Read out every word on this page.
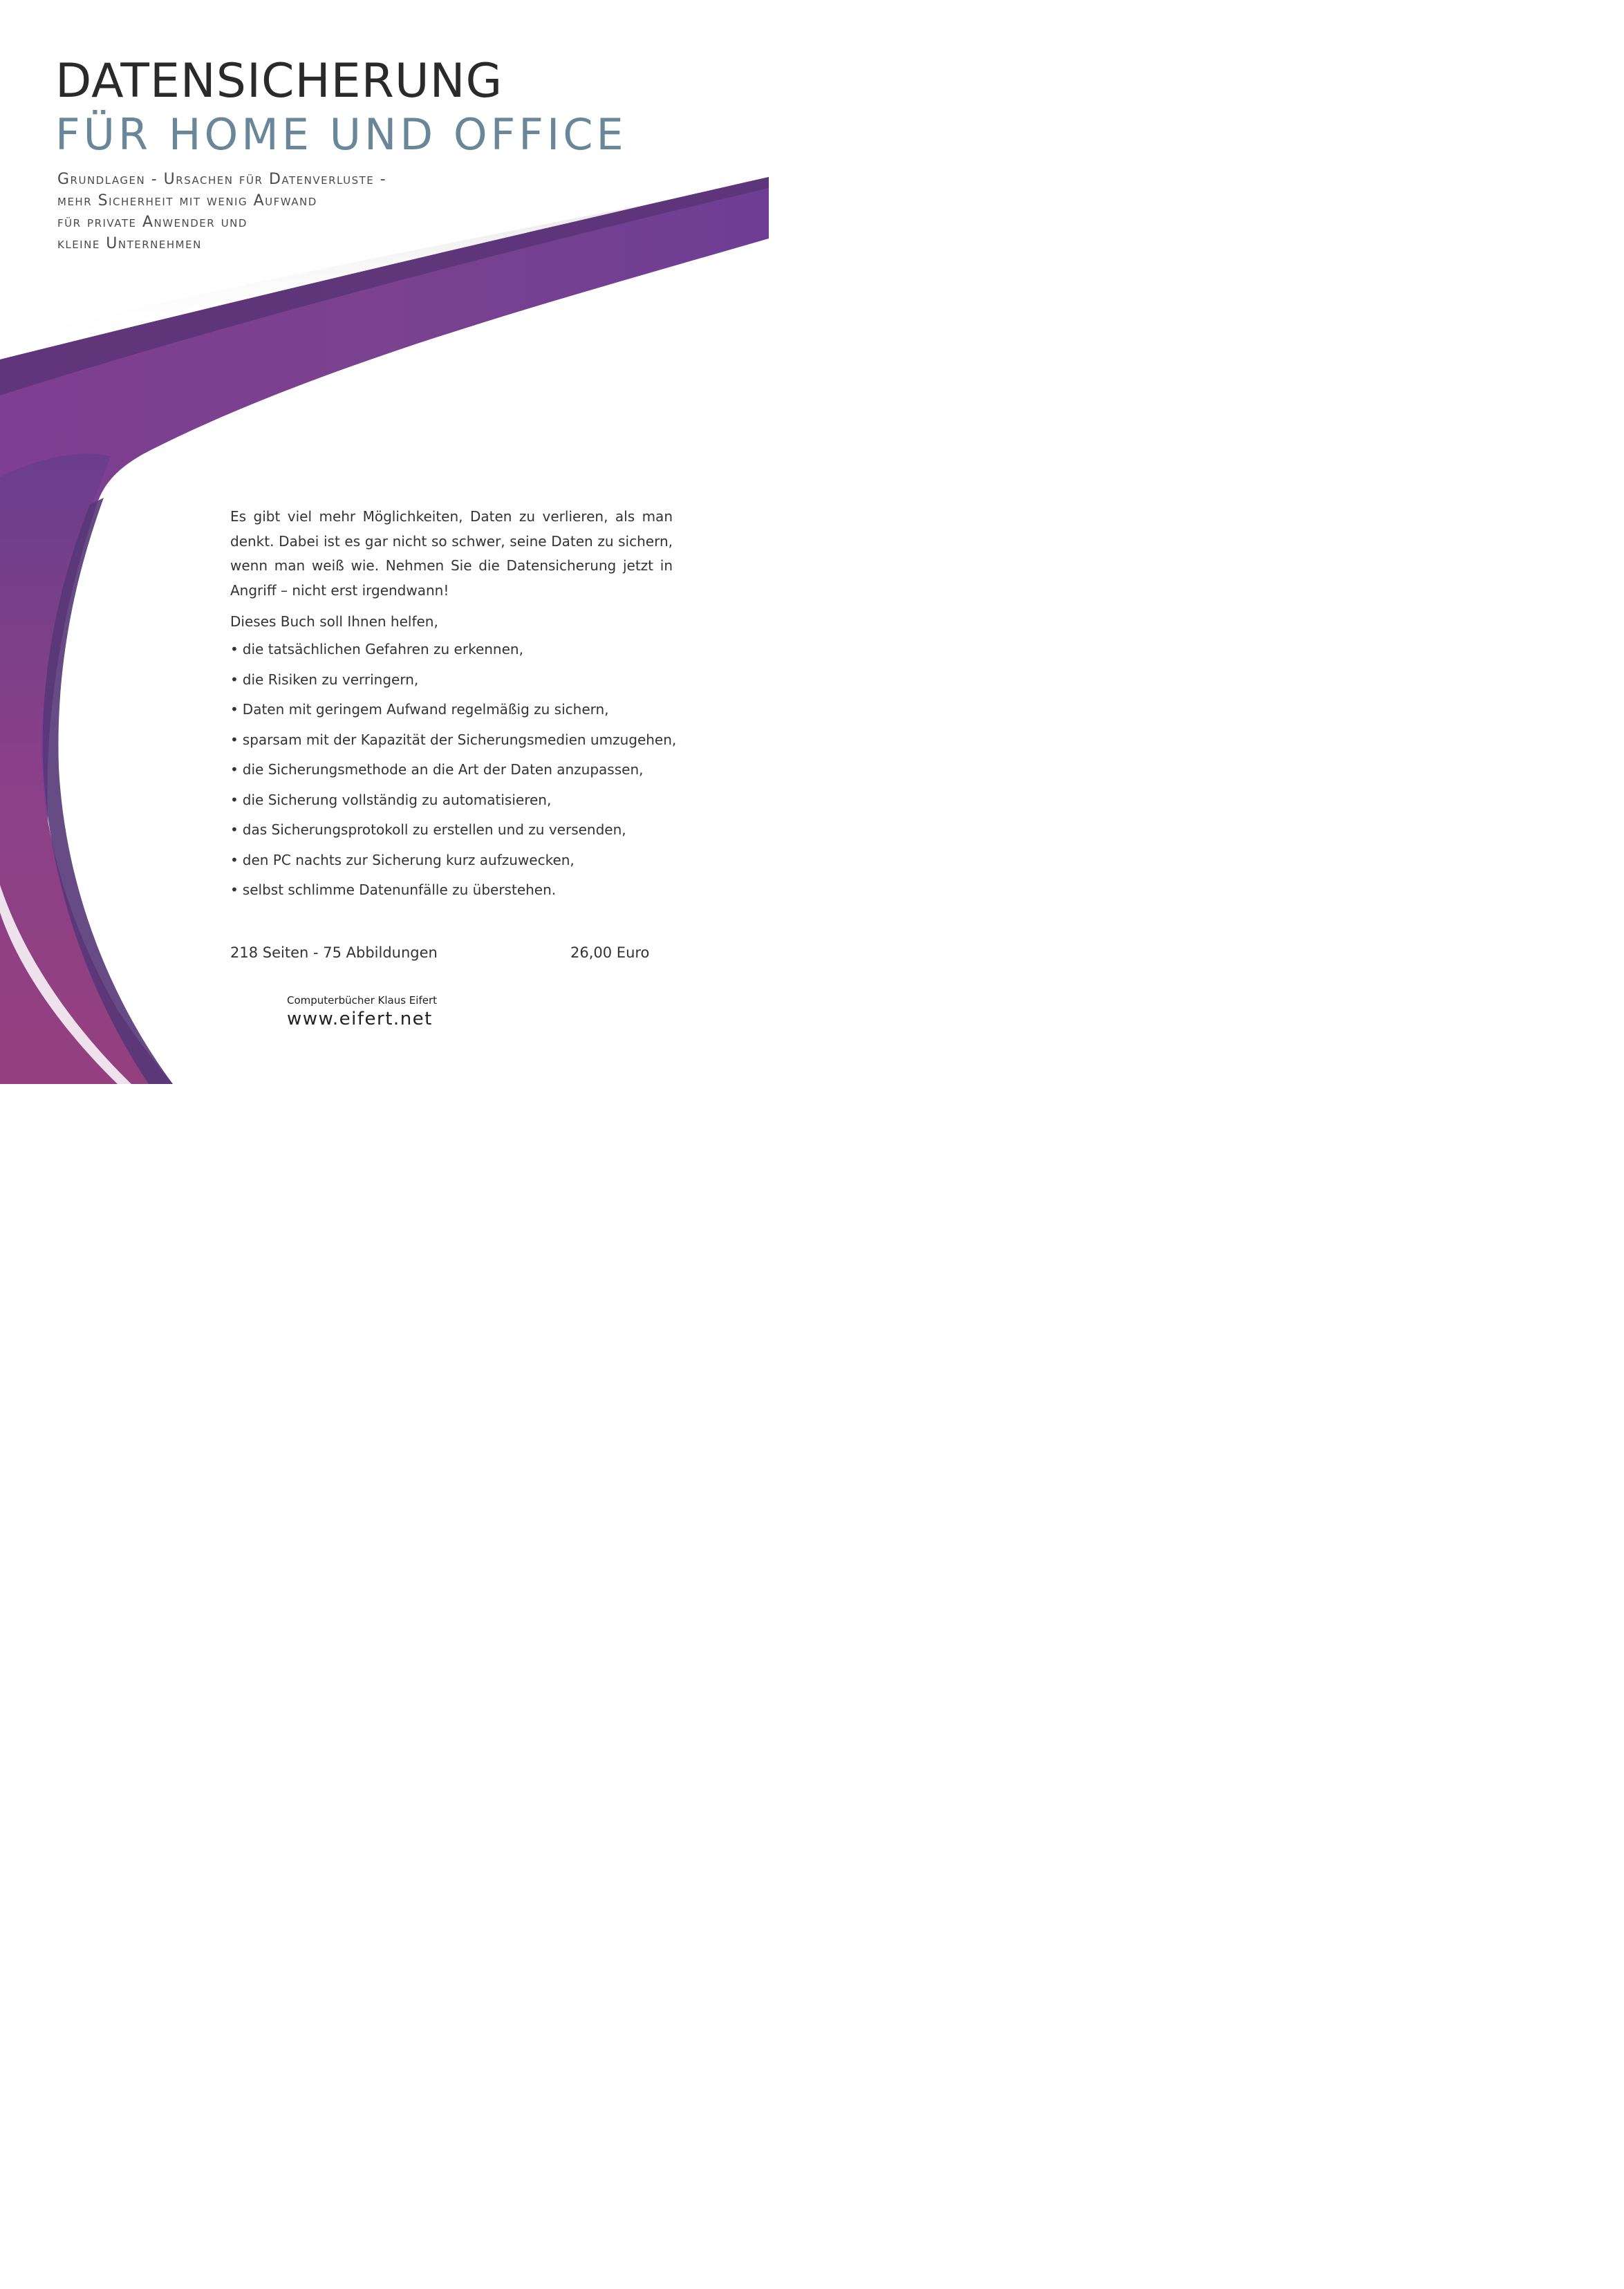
DATENSICHERUNG
FÜR HOME UND OFFICE
Grundlagen - Ursachen für Datenverluste -
mehr Sicherheit mit wenig Aufwand
für private Anwender und
kleine Unternehmen

Es gibt viel mehr Möglichkeiten, Daten zu verlieren, als man denkt. Dabei ist es gar nicht so schwer, seine Daten zu sichern, wenn man weiß wie. Nehmen Sie die Datensicherung jetzt in Angriff – nicht erst irgendwann!

Dieses Buch soll Ihnen helfen,

• die tatsächlichen Gefahren zu erkennen,
• die Risiken zu verringern,
• Daten mit geringem Aufwand regelmäßig zu sichern,
• sparsam mit der Kapazität der Sicherungsmedien umzugehen,
• die Sicherungsmethode an die Art der Daten anzupassen,
• die Sicherung vollständig zu automatisieren,
• das Sicherungsprotokoll zu erstellen und zu versenden,
• den PC nachts zur Sicherung kurz aufzuwecken,
• selbst schlimme Datenunfälle zu überstehen.
218 Seiten - 75 Abbildungen	26,00 Euro
Computerbücher Klaus Eifert
www.eifert.net
